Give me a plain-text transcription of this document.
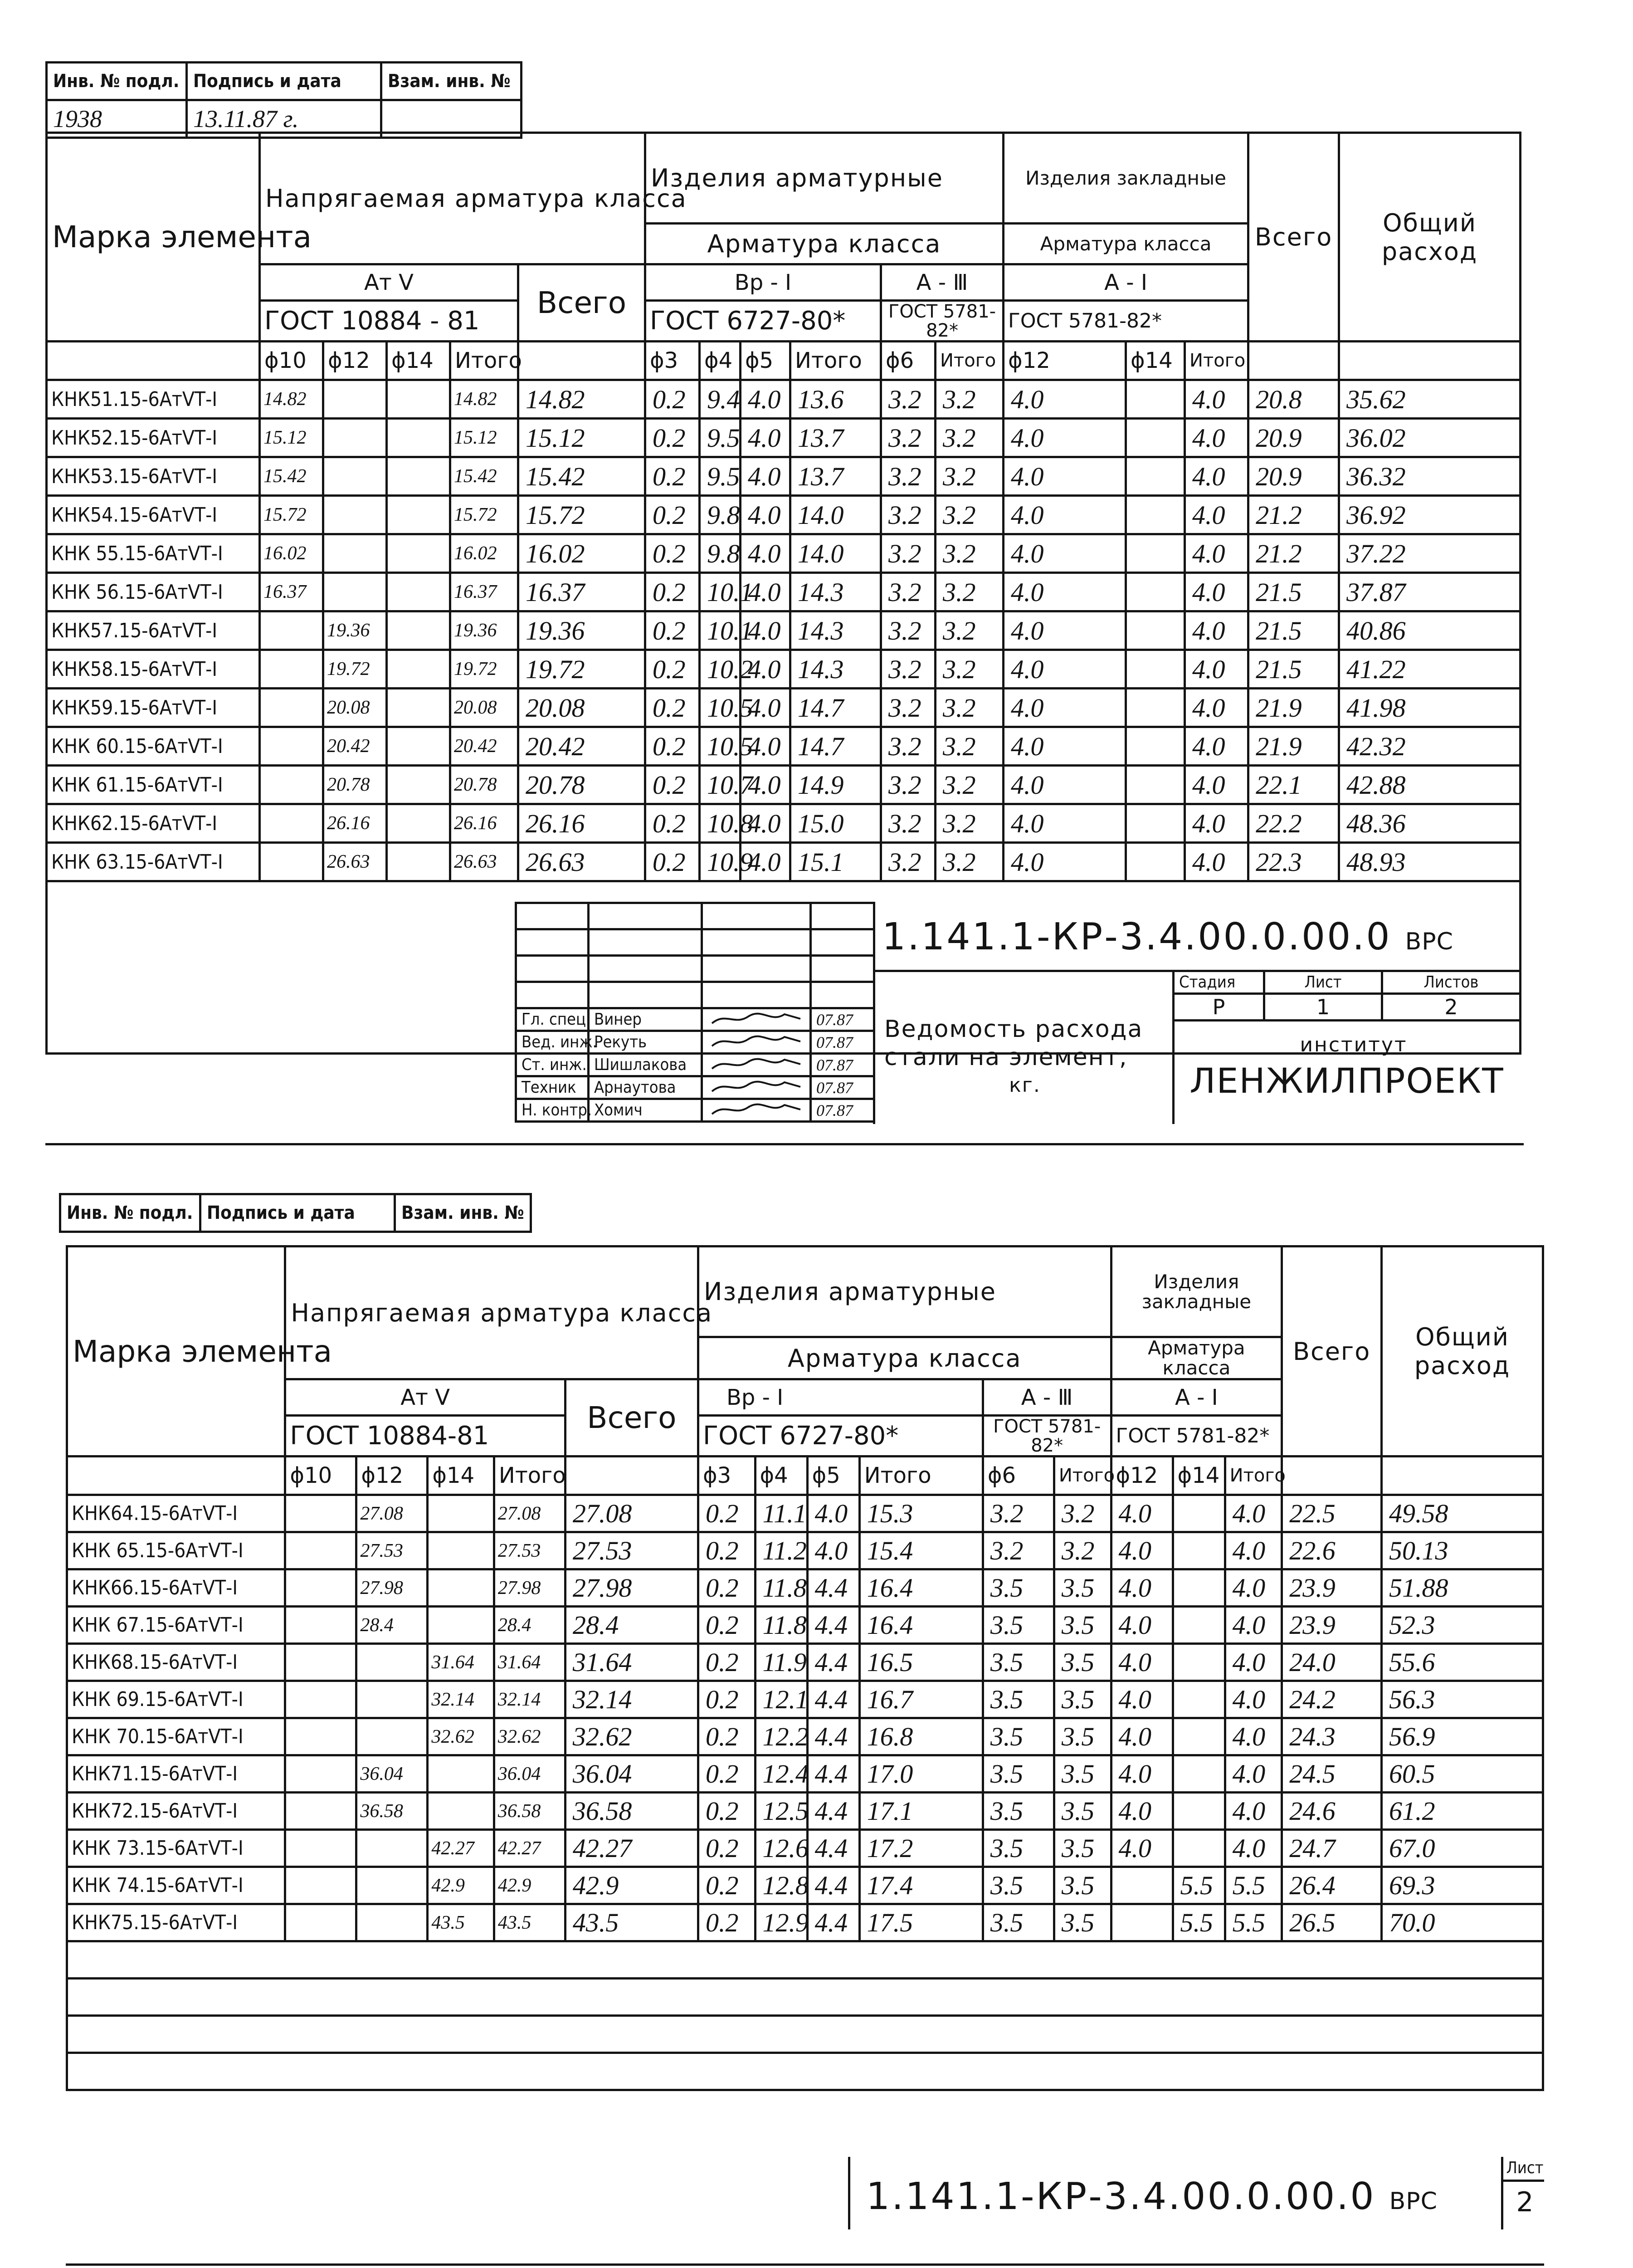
Инв. № подл.	Подпись и дата	Взам. инв. №
1938	13.11.87 г.	
Марка элемента	Напрягаемая арматура класса					Изделия арматурные						Изделия закладные			Всего	Общий расход
						Арматура класса						Арматура класса				
	Ат Ⅴ				Всего	Вр - Ⅰ				А - Ⅲ		А - Ⅰ				
	ГОСТ 10884 - 81					ГОСТ 6727-80*				ГОСТ 5781-82*		ГОСТ 5781-82*				
	ϕ10	ϕ12	ϕ14	Итого		ϕ3	ϕ4	ϕ5	Итого	ϕ6	Итого	ϕ12	ϕ14	Итого		
КНК51.15-6АтⅤТ-Ⅰ	14.82			14.82	14.82	0.2	9.4	4.0	13.6	3.2	3.2	4.0		4.0	20.8	35.62
КНК52.15-6АтⅤТ-Ⅰ	15.12			15.12	15.12	0.2	9.5	4.0	13.7	3.2	3.2	4.0		4.0	20.9	36.02
КНК53.15-6АтⅤТ-Ⅰ	15.42			15.42	15.42	0.2	9.5	4.0	13.7	3.2	3.2	4.0		4.0	20.9	36.32
КНК54.15-6АтⅤТ-Ⅰ	15.72			15.72	15.72	0.2	9.8	4.0	14.0	3.2	3.2	4.0		4.0	21.2	36.92
КНК 55.15-6АтⅤТ-Ⅰ	16.02			16.02	16.02	0.2	9.8	4.0	14.0	3.2	3.2	4.0		4.0	21.2	37.22
КНК 56.15-6АтⅤТ-Ⅰ	16.37			16.37	16.37	0.2	10.1	4.0	14.3	3.2	3.2	4.0		4.0	21.5	37.87
КНК57.15-6АтⅤТ-Ⅰ		19.36		19.36	19.36	0.2	10.1	4.0	14.3	3.2	3.2	4.0		4.0	21.5	40.86
КНК58.15-6АтⅤТ-Ⅰ		19.72		19.72	19.72	0.2	10.2	4.0	14.3	3.2	3.2	4.0		4.0	21.5	41.22
КНК59.15-6АтⅤТ-Ⅰ		20.08		20.08	20.08	0.2	10.5	4.0	14.7	3.2	3.2	4.0		4.0	21.9	41.98
КНК 60.15-6АтⅤТ-Ⅰ		20.42		20.42	20.42	0.2	10.5	4.0	14.7	3.2	3.2	4.0		4.0	21.9	42.32
КНК 61.15-6АтⅤТ-Ⅰ		20.78		20.78	20.78	0.2	10.7	4.0	14.9	3.2	3.2	4.0		4.0	22.1	42.88
КНК62.15-6АтⅤТ-Ⅰ		26.16		26.16	26.16	0.2	10.8	4.0	15.0	3.2	3.2	4.0		4.0	22.2	48.36
КНК 63.15-6АтⅤТ-Ⅰ		26.63		26.63	26.63	0.2	10.9	4.0	15.1	3.2	3.2	4.0		4.0	22.3	48.93

Гл. спец.	Винер		07.87
Вед. инж.	Рекуть		07.87
Ст. инж.	Шишлакова		07.87
Техник	Арнаутова		07.87
Н. контр.	Хомич		07.87
1.141.1-КР-3.4.00.0.00.0 ВРС
Ведомость расхода стали на элемент,
кг.
Стадия	Лист	Листов
Р	1	2
институт
ЛЕНЖИЛПРОЕКТ
Инв. № подл.	Подпись и дата	Взам. инв. №
Марка элемента	Напрягаемая арматура класса					Изделия арматурные						Изделия закладные			Всего	Общий расход
						Арматура класса						Арматура класса				
	Ат Ⅴ				Всего	Вр - Ⅰ				А - Ⅲ		А - Ⅰ				
	ГОСТ 10884-81					ГОСТ 6727-80*				ГОСТ 5781-82*		ГОСТ 5781-82*				
	ϕ10	ϕ12	ϕ14	Итого		ϕ3	ϕ4	ϕ5	Итого	ϕ6	Итого	ϕ12	ϕ14	Итого		
КНК64.15-6АтⅤТ-Ⅰ		27.08		27.08	27.08	0.2	11.1	4.0	15.3	3.2	3.2	4.0		4.0	22.5	49.58
КНК 65.15-6АтⅤТ-Ⅰ		27.53		27.53	27.53	0.2	11.2	4.0	15.4	3.2	3.2	4.0		4.0	22.6	50.13
КНК66.15-6АтⅤТ-Ⅰ		27.98		27.98	27.98	0.2	11.8	4.4	16.4	3.5	3.5	4.0		4.0	23.9	51.88
КНК 67.15-6АтⅤТ-Ⅰ		28.4		28.4	28.4	0.2	11.8	4.4	16.4	3.5	3.5	4.0		4.0	23.9	52.3
КНК68.15-6АтⅤТ-Ⅰ			31.64	31.64	31.64	0.2	11.9	4.4	16.5	3.5	3.5	4.0		4.0	24.0	55.6
КНК 69.15-6АтⅤТ-Ⅰ			32.14	32.14	32.14	0.2	12.1	4.4	16.7	3.5	3.5	4.0		4.0	24.2	56.3
КНК 70.15-6АтⅤТ-Ⅰ			32.62	32.62	32.62	0.2	12.2	4.4	16.8	3.5	3.5	4.0		4.0	24.3	56.9
КНК71.15-6АтⅤТ-Ⅰ		36.04		36.04	36.04	0.2	12.4	4.4	17.0	3.5	3.5	4.0		4.0	24.5	60.5
КНК72.15-6АтⅤТ-Ⅰ		36.58		36.58	36.58	0.2	12.5	4.4	17.1	3.5	3.5	4.0		4.0	24.6	61.2
КНК 73.15-6АтⅤТ-Ⅰ			42.27	42.27	42.27	0.2	12.6	4.4	17.2	3.5	3.5	4.0		4.0	24.7	67.0
КНК 74.15-6АтⅤТ-Ⅰ			42.9	42.9	42.9	0.2	12.8	4.4	17.4	3.5	3.5		5.5	5.5	26.4	69.3
КНК75.15-6АтⅤТ-Ⅰ			43.5	43.5	43.5	0.2	12.9	4.4	17.5	3.5	3.5		5.5	5.5	26.5	70.0

1.141.1-КР-3.4.00.0.00.0 ВРС
Лист
2
